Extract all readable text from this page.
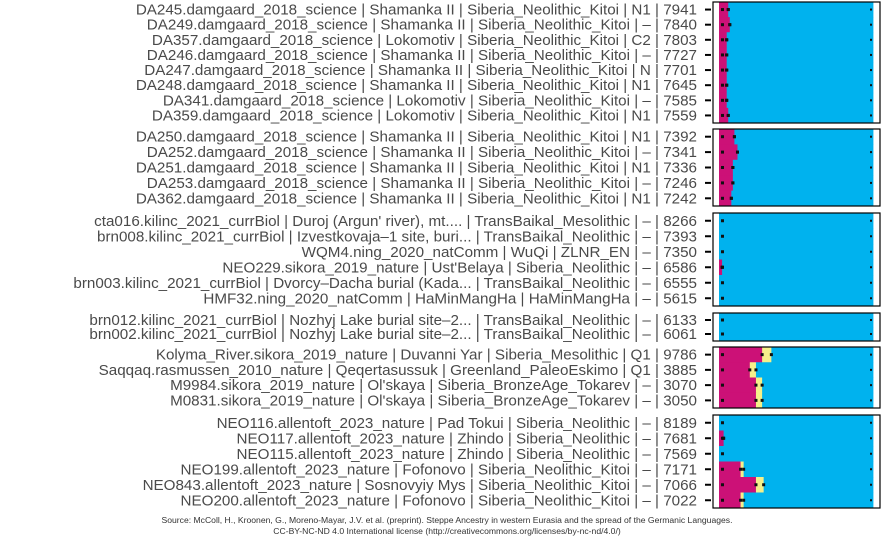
DA245.damgaard_2018_science | Shamanka II | Siberia_Neolithic_Kitoi | N1 | 7941
DA249.damgaard_2018_science | Shamanka II | Siberia_Neolithic_Kitoi | – | 7840
DA357.damgaard_2018_science | Lokomotiv | Siberia_Neolithic_Kitoi | C2 | 7803
DA246.damgaard_2018_science | Shamanka II | Siberia_Neolithic_Kitoi | – | 7727
DA247.damgaard_2018_science | Shamanka II | Siberia_Neolithic_Kitoi | N | 7701
DA248.damgaard_2018_science | Shamanka II | Siberia_Neolithic_Kitoi | N1 | 7645
DA341.damgaard_2018_science | Lokomotiv | Siberia_Neolithic_Kitoi | – | 7585
DA359.damgaard_2018_science | Lokomotiv | Siberia_Neolithic_Kitoi | N1 | 7559
DA250.damgaard_2018_science | Shamanka II | Siberia_Neolithic_Kitoi | N1 | 7392
DA252.damgaard_2018_science | Shamanka II | Siberia_Neolithic_Kitoi | – | 7341
DA251.damgaard_2018_science | Shamanka II | Siberia_Neolithic_Kitoi | N1 | 7336
DA253.damgaard_2018_science | Shamanka II | Siberia_Neolithic_Kitoi | – | 7246
DA362.damgaard_2018_science | Shamanka II | Siberia_Neolithic_Kitoi | N1 | 7242
cta016.kilinc_2021_currBiol | Duroj (Argun' river), mt.... | TransBaikal_Mesolithic | – | 8266
brn008.kilinc_2021_currBiol | Izvestkovaja–1 site, buri... | TransBaikal_Neolithic | – | 7393
WQM4.ning_2020_natComm | WuQi | ZLNR_EN | – | 7350
NEO229.sikora_2019_nature | Ust'Belaya | Siberia_Neolithic | – | 6586
brn003.kilinc_2021_currBiol | Dvorcy–Dacha burial (Kada... | TransBaikal_Neolithic | – | 6555
HMF32.ning_2020_natComm | HaMinMangHa | HaMinMangHa | – | 5615
brn012.kilinc_2021_currBiol | Nozhyj Lake burial site–2... | TransBaikal_Neolithic | – | 6133
brn002.kilinc_2021_currBiol | Nozhyj Lake burial site–2... | TransBaikal_Neolithic | – | 6061
Kolyma_River.sikora_2019_nature | Duvanni Yar | Siberia_Mesolithic | Q1 | 9786
Saqqaq.rasmussen_2010_nature | Qeqertasussuk | Greenland_PaleoEskimo | Q1 | 3885
M9984.sikora_2019_nature | Ol'skaya | Siberia_BronzeAge_Tokarev | – | 3070
M0831.sikora_2019_nature | Ol'skaya | Siberia_BronzeAge_Tokarev | – | 3050
NEO116.allentoft_2023_nature | Pad Tokui | Siberia_Neolithic | – | 8189
NEO117.allentoft_2023_nature | Zhindo | Siberia_Neolithic | – | 7681
NEO115.allentoft_2023_nature | Zhindo | Siberia_Neolithic | – | 7569
NEO199.allentoft_2023_nature | Fofonovo | Siberia_Neolithic_Kitoi | – | 7171
NEO843.allentoft_2023_nature | Sosnovyiy Mys | Siberia_Neolithic_Kitoi | – | 7066
NEO200.allentoft_2023_nature | Fofonovo | Siberia_Neolithic_Kitoi | – | 7022
Source: McColl, H., Kroonen, G., Moreno-Mayar, J.V. et al. (preprint). Steppe Ancestry in western Eurasia and the spread of the Germanic Languages.
CC-BY-NC-ND 4.0 International license (http://creativecommons.org/licenses/by-nc-nd/4.0/)
